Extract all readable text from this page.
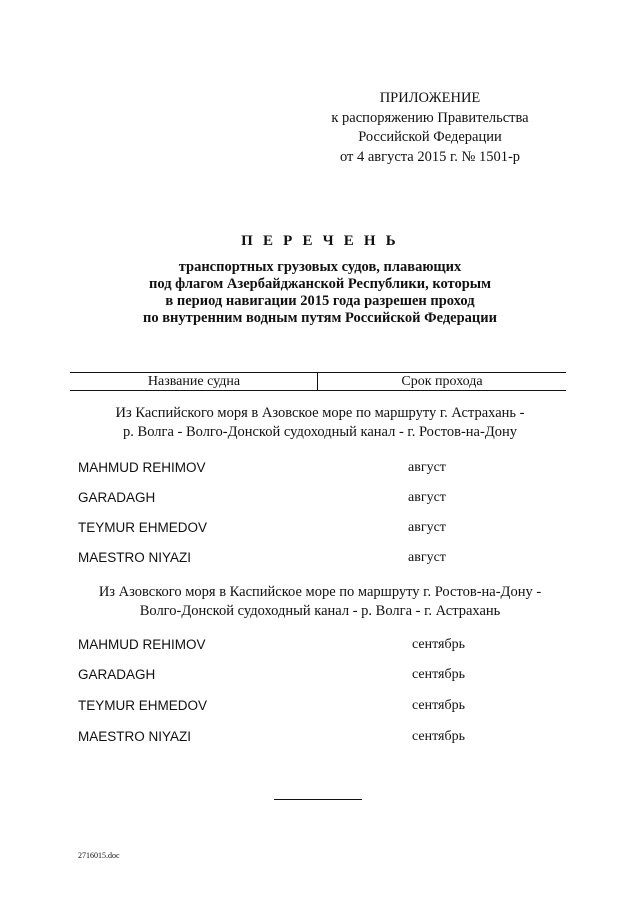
ПРИЛОЖЕНИЕ
к распоряжению Правительства
Российской Федерации
от 4 августа 2015 г. № 1501-р
П Е Р Е Ч Е Н Ь
транспортных грузовых судов, плавающих
под флагом Азербайджанской Республики, которым
в период навигации 2015 года разрешен проход
по внутренним водным путям Российской Федерации
Название судна	Срок прохода
Из Каспийского моря в Азовское море по маршруту г. Астрахань -
р. Волга - Волго-Донской судоходный канал - г. Ростов-на-Дону
MAHMUD REHIMOV	август
GARADAGH	август
TEYMUR EHMEDOV	август
MAESTRO NIYAZI	август
Из Азовского моря в Каспийское море по маршруту г. Ростов-на-Дону -
Волго-Донской судоходный канал - р. Волга - г. Астрахань
MAHMUD REHIMOV	сентябрь
GARADAGH	сентябрь
TEYMUR EHMEDOV	сентябрь
MAESTRO NIYAZI	сентябрь
2716015.doc
